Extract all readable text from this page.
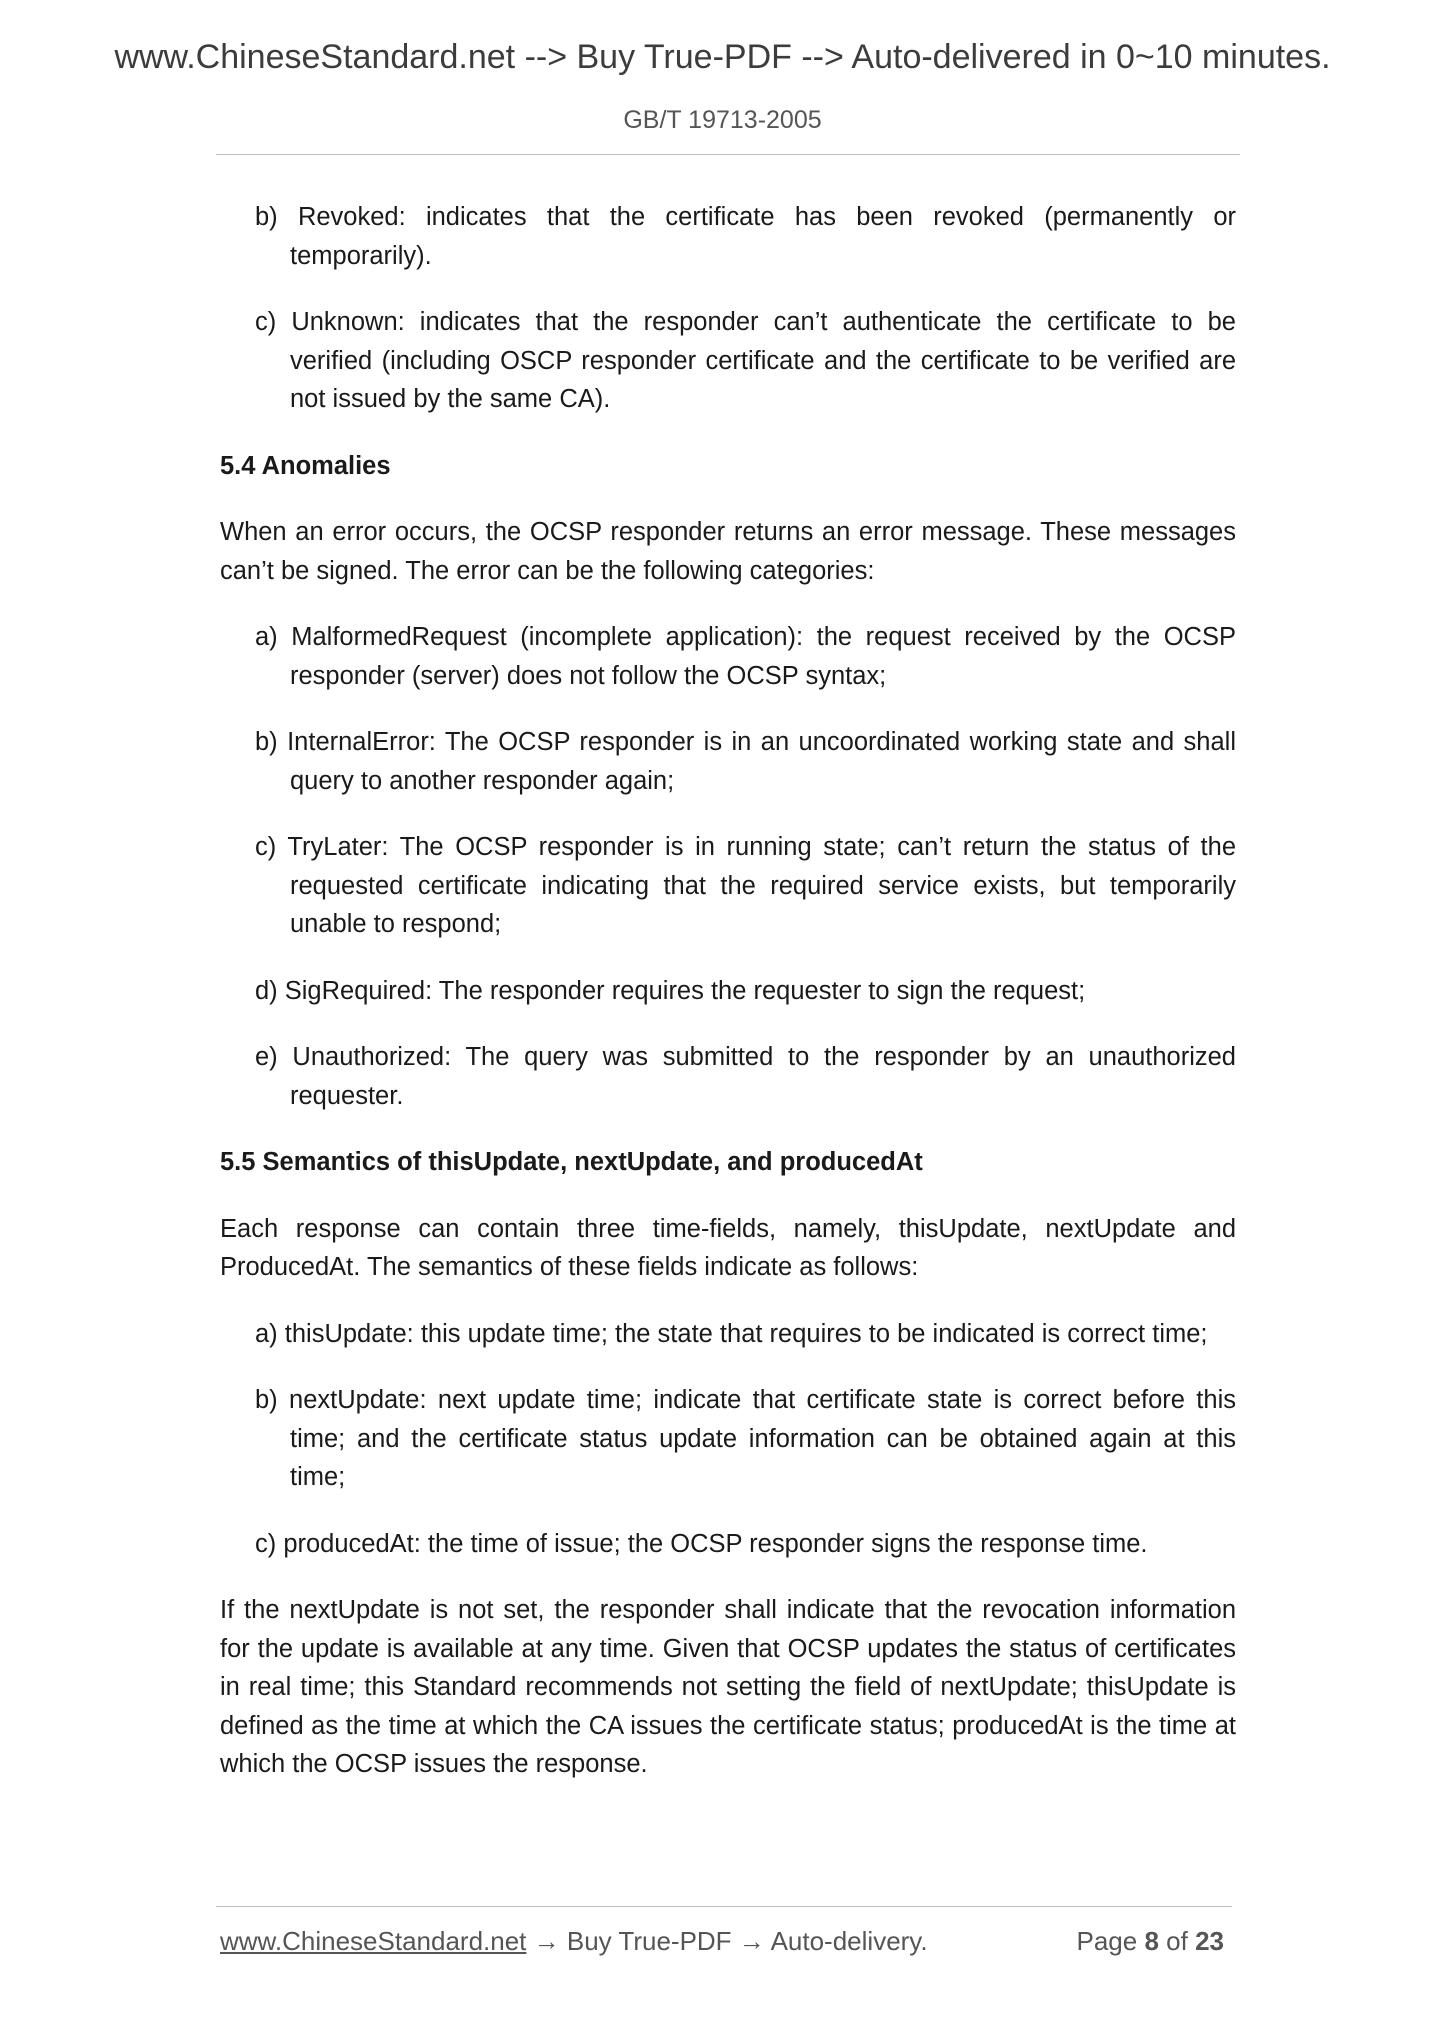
www.ChineseStandard.net --> Buy True-PDF --> Auto-delivered in 0~10 minutes.
GB/T 19713-2005

b) Revoked: indicates that the certificate has been revoked (permanently or temporarily).

c) Unknown: indicates that the responder can’t authenticate the certificate to be verified (including OSCP responder certificate and the certificate to be verified are not issued by the same CA).

5.4 Anomalies

When an error occurs, the OCSP responder returns an error message. These messages can’t be signed. The error can be the following categories:

a) MalformedRequest (incomplete application): the request received by the OCSP responder (server) does not follow the OCSP syntax;

b) InternalError: The OCSP responder is in an uncoordinated working state and shall query to another responder again;

c) TryLater: The OCSP responder is in running state; can’t return the status of the requested certificate indicating that the required service exists, but temporarily unable to respond;

d) SigRequired: The responder requires the requester to sign the request;

e) Unauthorized: The query was submitted to the responder by an unauthorized requester.

5.5 Semantics of thisUpdate, nextUpdate, and producedAt

Each response can contain three time-fields, namely, thisUpdate, nextUpdate and ProducedAt. The semantics of these fields indicate as follows:

a) thisUpdate: this update time; the state that requires to be indicated is correct time;

b) nextUpdate: next update time; indicate that certificate state is correct before this time; and the certificate status update information can be obtained again at this time;

c) producedAt: the time of issue; the OCSP responder signs the response time.

If the nextUpdate is not set, the responder shall indicate that the revocation information for the update is available at any time. Given that OCSP updates the status of certificates in real time; this Standard recommends not setting the field of nextUpdate; thisUpdate is defined as the time at which the CA issues the certificate status; producedAt is the time at which the OCSP issues the response.

www.ChineseStandard.net → Buy True-PDF → Auto-delivery.	Page 8 of 23
